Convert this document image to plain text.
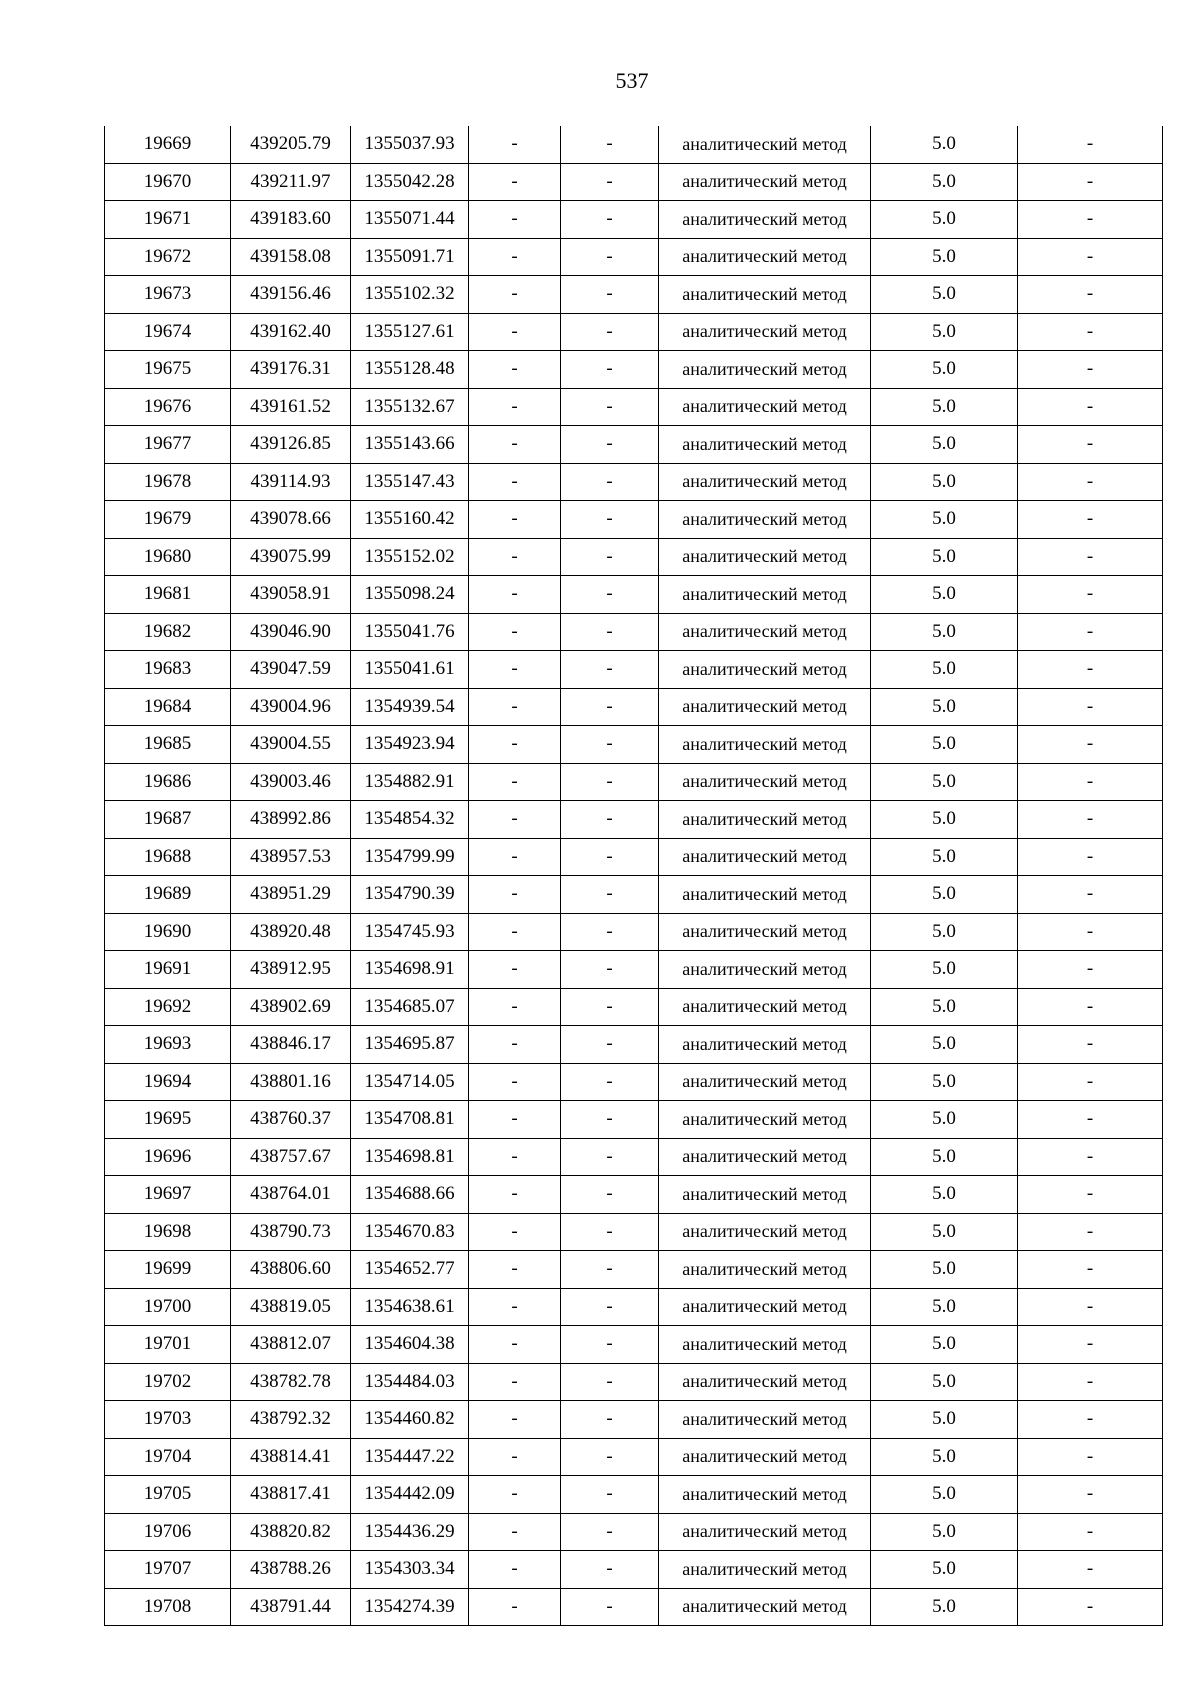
537
19669	439205.79	1355037.93	-	-	аналитический метод	5.0	-
19670	439211.97	1355042.28	-	-	аналитический метод	5.0	-
19671	439183.60	1355071.44	-	-	аналитический метод	5.0	-
19672	439158.08	1355091.71	-	-	аналитический метод	5.0	-
19673	439156.46	1355102.32	-	-	аналитический метод	5.0	-
19674	439162.40	1355127.61	-	-	аналитический метод	5.0	-
19675	439176.31	1355128.48	-	-	аналитический метод	5.0	-
19676	439161.52	1355132.67	-	-	аналитический метод	5.0	-
19677	439126.85	1355143.66	-	-	аналитический метод	5.0	-
19678	439114.93	1355147.43	-	-	аналитический метод	5.0	-
19679	439078.66	1355160.42	-	-	аналитический метод	5.0	-
19680	439075.99	1355152.02	-	-	аналитический метод	5.0	-
19681	439058.91	1355098.24	-	-	аналитический метод	5.0	-
19682	439046.90	1355041.76	-	-	аналитический метод	5.0	-
19683	439047.59	1355041.61	-	-	аналитический метод	5.0	-
19684	439004.96	1354939.54	-	-	аналитический метод	5.0	-
19685	439004.55	1354923.94	-	-	аналитический метод	5.0	-
19686	439003.46	1354882.91	-	-	аналитический метод	5.0	-
19687	438992.86	1354854.32	-	-	аналитический метод	5.0	-
19688	438957.53	1354799.99	-	-	аналитический метод	5.0	-
19689	438951.29	1354790.39	-	-	аналитический метод	5.0	-
19690	438920.48	1354745.93	-	-	аналитический метод	5.0	-
19691	438912.95	1354698.91	-	-	аналитический метод	5.0	-
19692	438902.69	1354685.07	-	-	аналитический метод	5.0	-
19693	438846.17	1354695.87	-	-	аналитический метод	5.0	-
19694	438801.16	1354714.05	-	-	аналитический метод	5.0	-
19695	438760.37	1354708.81	-	-	аналитический метод	5.0	-
19696	438757.67	1354698.81	-	-	аналитический метод	5.0	-
19697	438764.01	1354688.66	-	-	аналитический метод	5.0	-
19698	438790.73	1354670.83	-	-	аналитический метод	5.0	-
19699	438806.60	1354652.77	-	-	аналитический метод	5.0	-
19700	438819.05	1354638.61	-	-	аналитический метод	5.0	-
19701	438812.07	1354604.38	-	-	аналитический метод	5.0	-
19702	438782.78	1354484.03	-	-	аналитический метод	5.0	-
19703	438792.32	1354460.82	-	-	аналитический метод	5.0	-
19704	438814.41	1354447.22	-	-	аналитический метод	5.0	-
19705	438817.41	1354442.09	-	-	аналитический метод	5.0	-
19706	438820.82	1354436.29	-	-	аналитический метод	5.0	-
19707	438788.26	1354303.34	-	-	аналитический метод	5.0	-
19708	438791.44	1354274.39	-	-	аналитический метод	5.0	-
